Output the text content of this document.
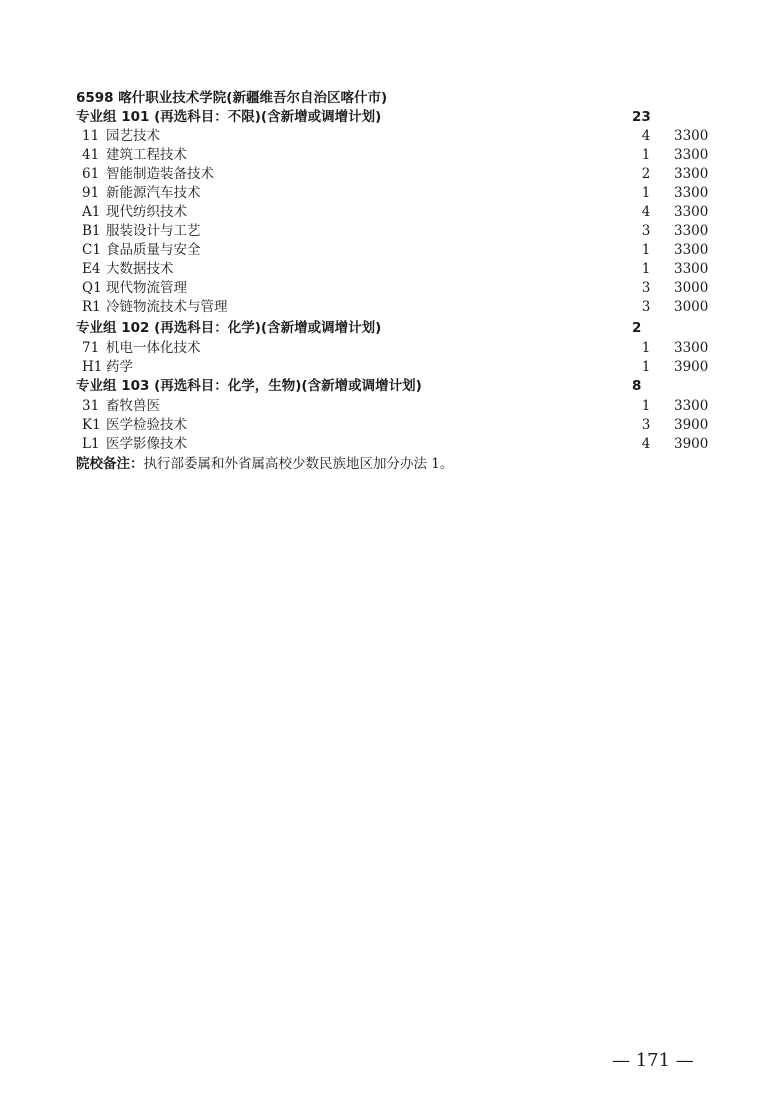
6598 喀什职业技术学院(新疆维吾尔自治区喀什市)
专业组 101 (再选科目：不限)(含新增或调增计划)	23
11 园艺技术	4	3300
41 建筑工程技术	1	3300
61 智能制造装备技术	2	3300
91 新能源汽车技术	1	3300
A1 现代纺织技术	4	3300
B1 服装设计与工艺	3	3300
C1 食品质量与安全	1	3300
E4 大数据技术	1	3300
Q1 现代物流管理	3	3000
R1 冷链物流技术与管理	3	3000
专业组 102 (再选科目：化学)(含新增或调增计划)	2
71 机电一体化技术	1	3300
H1 药学	1	3900
专业组 103 (再选科目：化学，生物)(含新增或调增计划)	8
31 畜牧兽医	1	3300
K1 医学检验技术	3	3900
L1 医学影像技术	4	3900
院校备注：执行部委属和外省属高校少数民族地区加分办法 1。
— 171 —
